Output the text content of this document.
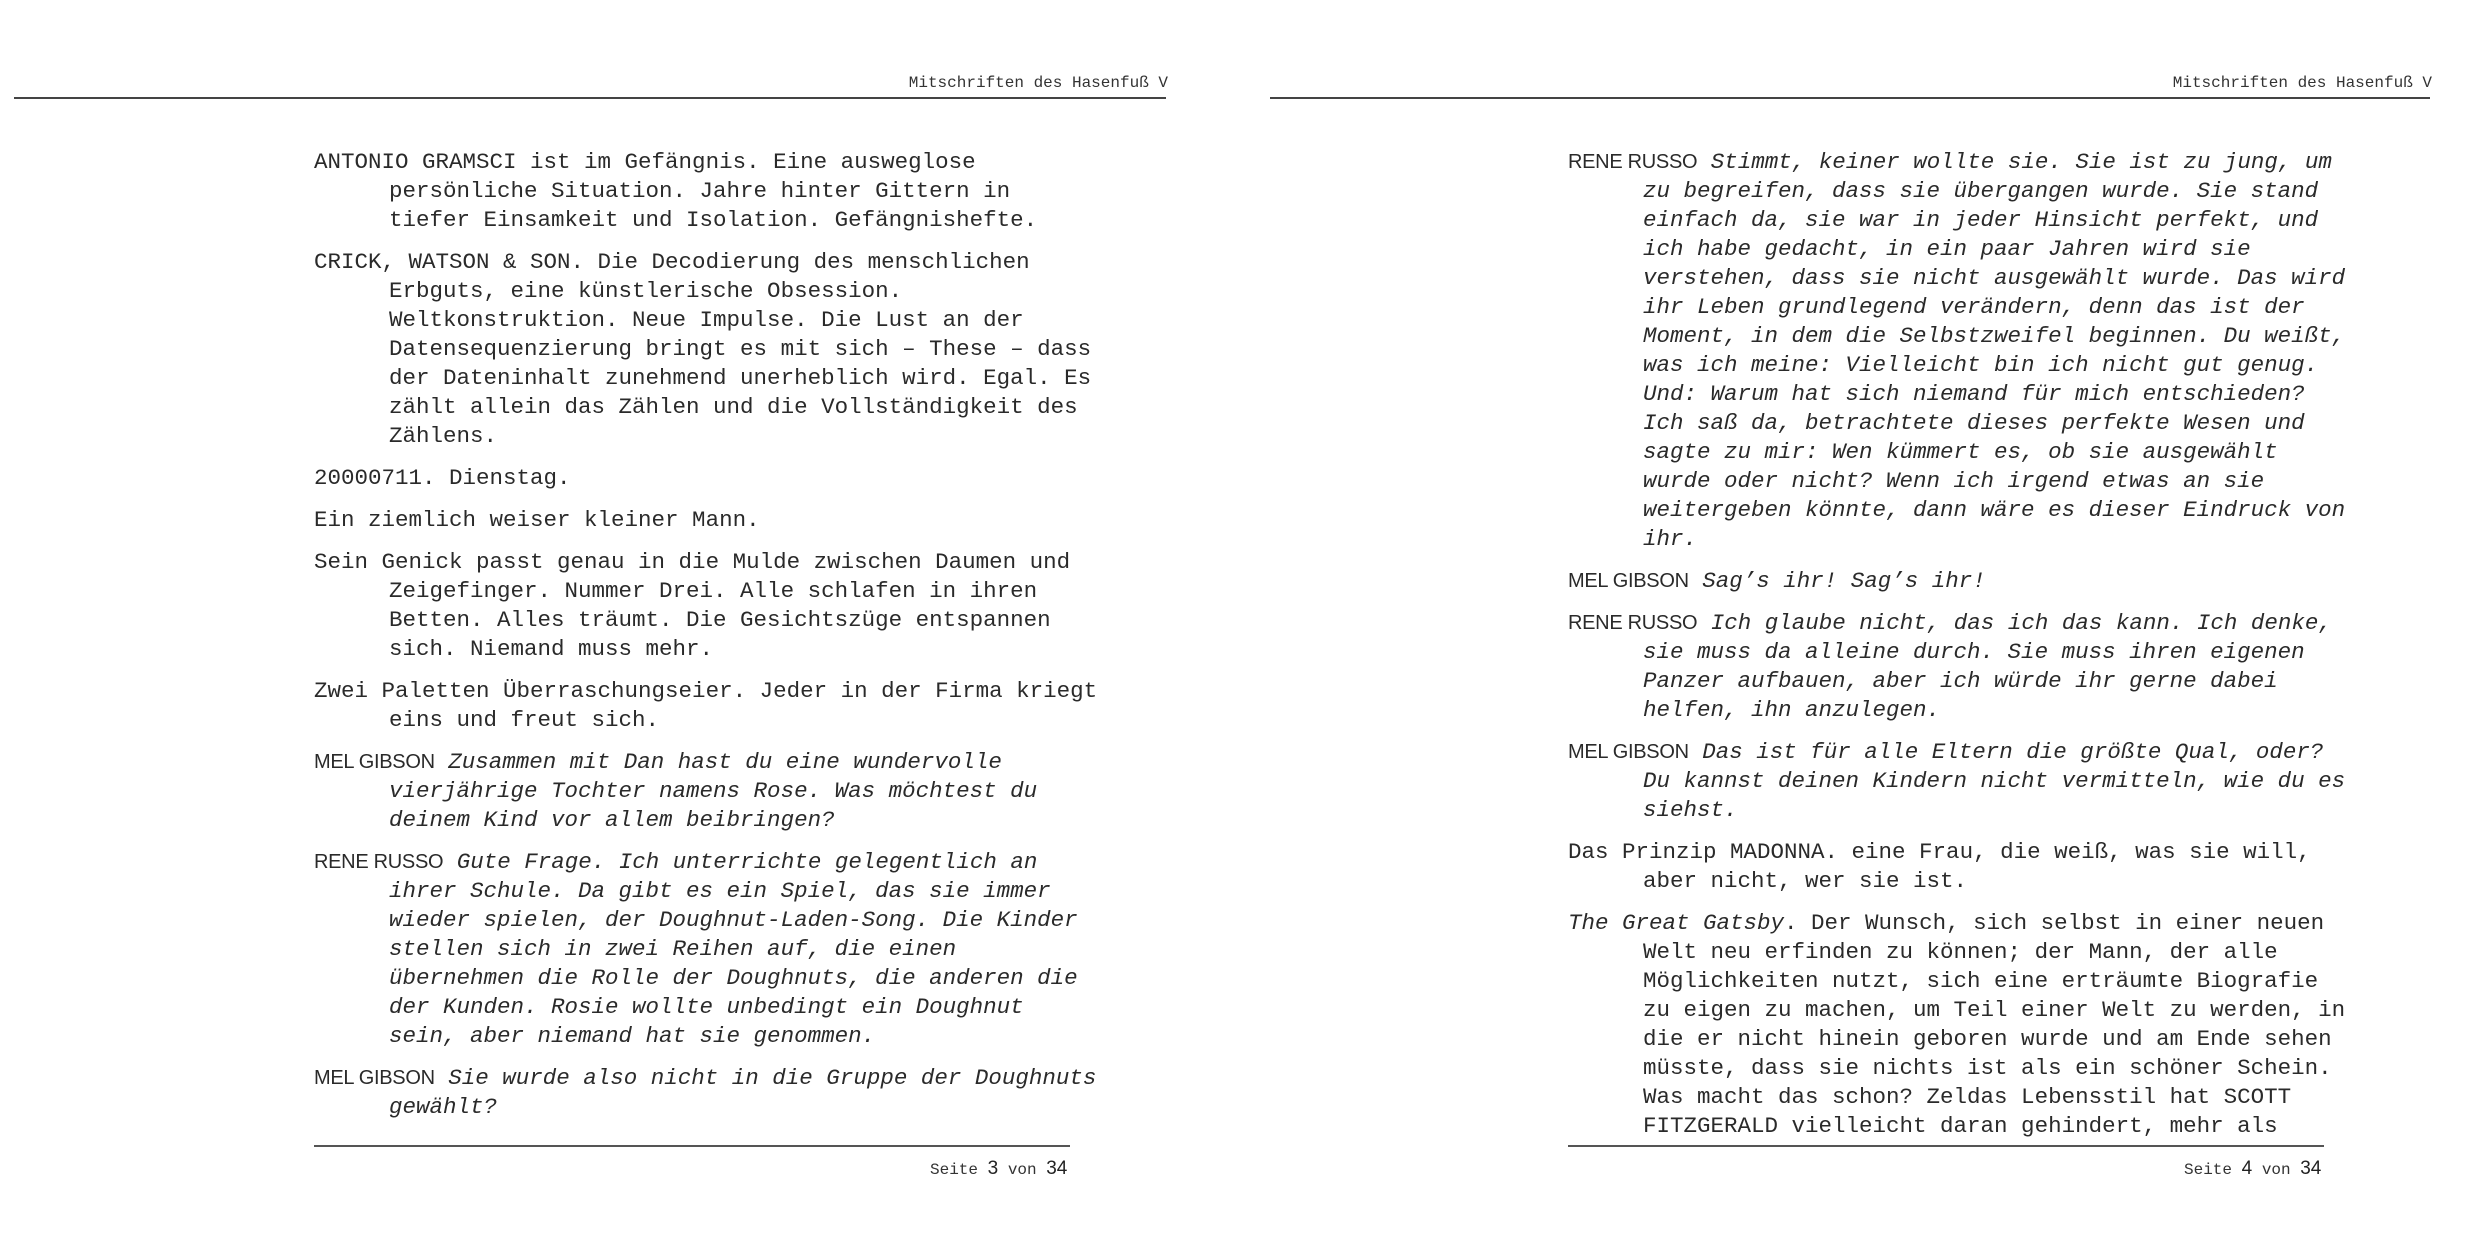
Mitschriften des Hasenfuß V

ANTONIO GRAMSCI ist im Gefängnis. Eine ausweglose persönliche Situation. Jahre hinter Gittern in tiefer Einsamkeit und Isolation. Gefängnishefte.

CRICK, WATSON & SON. Die Decodierung des menschlichen Erbguts, eine künstlerische Obsession. Weltkonstruktion. Neue Impulse. Die Lust an der Datensequenzierung bringt es mit sich – These – dass der Dateninhalt zunehmend unerheblich wird. Egal. Es zählt allein das Zählen und die Vollständigkeit des Zählens.

20000711. Dienstag.

Ein ziemlich weiser kleiner Mann.

Sein Genick passt genau in die Mulde zwischen Daumen und Zeigefinger. Nummer Drei. Alle schlafen in ihren Betten. Alles träumt. Die Gesichtszüge entspannen sich. Niemand muss mehr.

Zwei Paletten Überraschungseier. Jeder in der Firma kriegt eins und freut sich.

MEL GIBSON Zusammen mit Dan hast du eine wundervolle vierjährige Tochter namens Rose. Was möchtest du deinem Kind vor allem beibringen?

RENE RUSSO Gute Frage. Ich unterrichte gelegentlich an ihrer Schule. Da gibt es ein Spiel, das sie immer wieder spielen, der Doughnut-Laden-Song. Die Kinder stellen sich in zwei Reihen auf, die einen übernehmen die Rolle der Doughnuts, die anderen die der Kunden. Rosie wollte unbedingt ein Doughnut sein, aber niemand hat sie genommen.

MEL GIBSON Sie wurde also nicht in die Gruppe der Doughnuts gewählt?

Seite 3 von 34
Mitschriften des Hasenfuß V

RENE RUSSO Stimmt, keiner wollte sie. Sie ist zu jung, um zu begreifen, dass sie übergangen wurde. Sie stand einfach da, sie war in jeder Hinsicht perfekt, und ich habe gedacht, in ein paar Jahren wird sie verstehen, dass sie nicht ausgewählt wurde. Das wird ihr Leben grundlegend verändern, denn das ist der Moment, in dem die Selbstzweifel beginnen. Du weißt, was ich meine: Vielleicht bin ich nicht gut genug. Und: Warum hat sich niemand für mich entschieden? Ich saß da, betrachtete dieses perfekte Wesen und sagte zu mir: Wen kümmert es, ob sie ausgewählt wurde oder nicht? Wenn ich irgend etwas an sie weitergeben könnte, dann wäre es dieser Eindruck von ihr.

MEL GIBSON Sag’s ihr! Sag’s ihr!

RENE RUSSO Ich glaube nicht, das ich das kann. Ich denke, sie muss da alleine durch. Sie muss ihren eigenen Panzer aufbauen, aber ich würde ihr gerne dabei helfen, ihn anzulegen.

MEL GIBSON Das ist für alle Eltern die größte Qual, oder? Du kannst deinen Kindern nicht vermitteln, wie du es siehst.

Das Prinzip MADONNA. eine Frau, die weiß, was sie will, aber nicht, wer sie ist.

The Great Gatsby. Der Wunsch, sich selbst in einer neuen Welt neu erfinden zu können; der Mann, der alle Möglichkeiten nutzt, sich eine erträumte Biografie zu eigen zu machen, um Teil einer Welt zu werden, in die er nicht hinein geboren wurde und am Ende sehen müsste, dass sie nichts ist als ein schöner Schein. Was macht das schon? Zeldas Lebensstil hat SCOTT FITZGERALD vielleicht daran gehindert, mehr als

Seite 4 von 34
